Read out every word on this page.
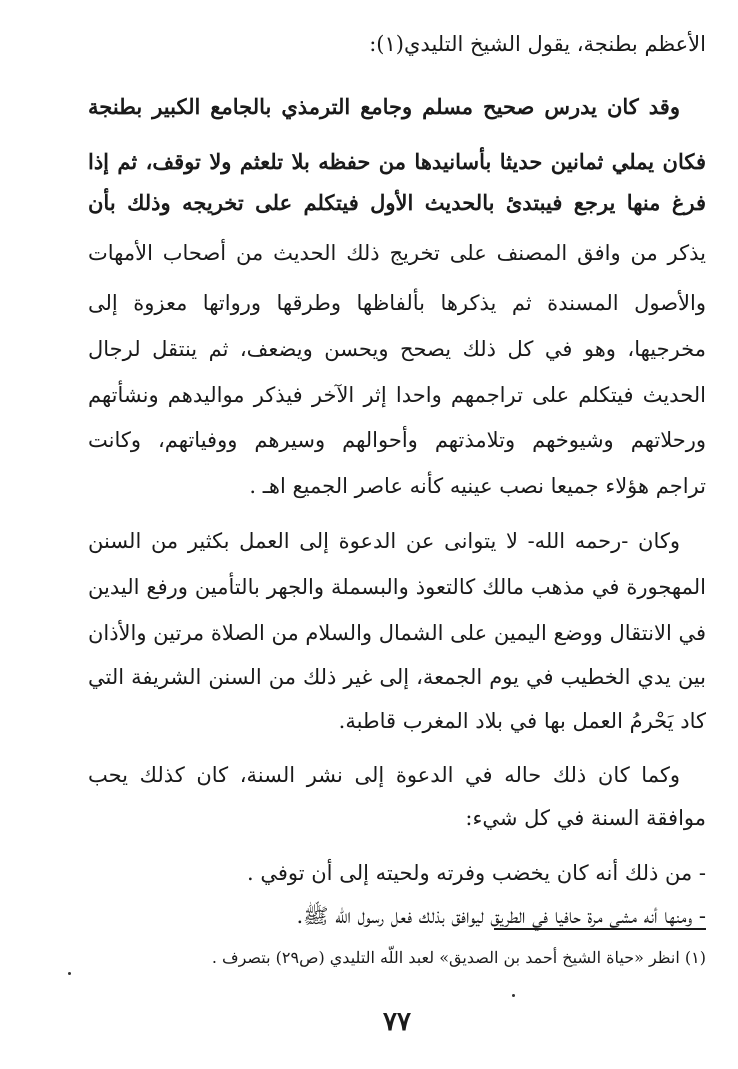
الأعظم بطنجة، يقول الشيخ التليدي(١):
وقد كان يدرس صحيح مسلم وجامع الترمذي بالجامع الكبير بطنجة
فكان يملي ثمانين حديثا بأسانيدها من حفظه بلا تلعثم ولا توقف، ثم إذا
فرغ منها يرجع فيبتدئ بالحديث الأول فيتكلم على تخريجه وذلك بأن
يذكر من وافق المصنف على تخريج ذلك الحديث من أصحاب الأمهات
والأصول المسندة ثم يذكرها بألفاظها وطرقها ورواتها معزوة إلى
مخرجيها، وهو في كل ذلك يصحح ويحسن ويضعف، ثم ينتقل لرجال
الحديث فيتكلم على تراجمهم واحدا إثر الآخر فيذكر مواليدهم ونشأتهم
ورحلاتهم وشيوخهم وتلامذتهم وأحوالهم وسيرهم ووفياتهم، وكانت
تراجم هؤلاء جميعا نصب عينيه كأنه عاصر الجميع اهـ .
وكان -رحمه الله- لا يتوانى عن الدعوة إلى العمل بكثير من السنن
المهجورة في مذهب مالك كالتعوذ والبسملة والجهر بالتأمين ورفع اليدين
في الانتقال ووضع اليمين على الشمال والسلام من الصلاة مرتين والأذان
بين يدي الخطيب في يوم الجمعة، إلى غير ذلك من السنن الشريفة التي
كاد يَحْرمُ العمل بها في بلاد المغرب قاطبة.
وكما كان ذلك حاله في الدعوة إلى نشر السنة، كان كذلك يحب
موافقة السنة في كل شيء:
- من ذلك أنه كان يخضب وفرته ولحيته إلى أن توفي .
- ومنها أنه مشى مرة حافيا في الطريق ليوافق بذلك فعل رسول الله ﷺ.
(١) انظر «حياة الشيخ أحمد بن الصديق» لعبد اللّه التليدي (ص٢٩) بتصرف .
٧٧
